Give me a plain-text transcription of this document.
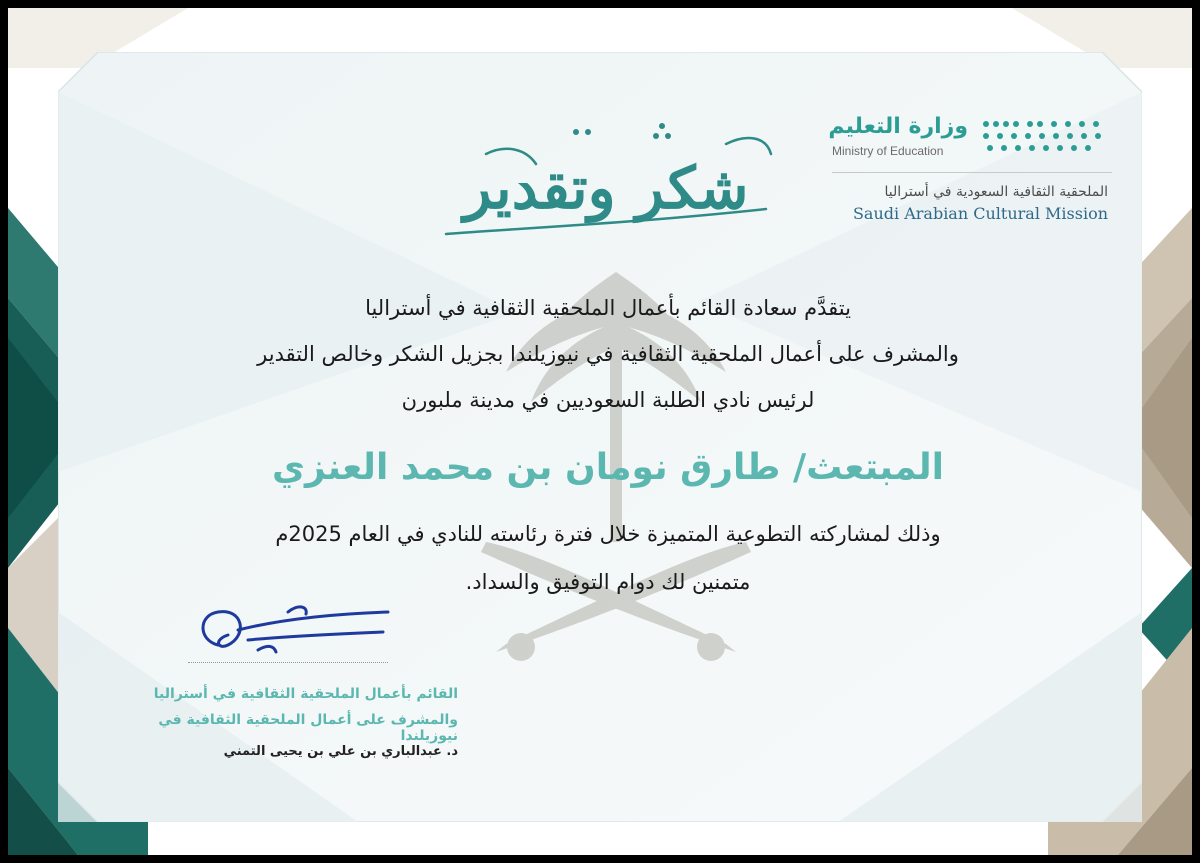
شكر وتقدير
وزارة التعليم
Ministry of Education
الملحقية الثقافية السعودية في أستراليا
Saudi Arabian Cultural Mission
يتقدَّم سعادة القائم بأعمال الملحقية الثقافية في أستراليا
والمشرف على أعمال الملحقية الثقافية في نيوزيلندا بجزيل الشكر وخالص التقدير
لرئيس نادي الطلبة السعوديين في مدينة ملبورن
المبتعث/ طارق نومان بن محمد العنزي
وذلك لمشاركته التطوعية المتميزة خلال فترة رئاسته للنادي في العام 2025م
متمنين لك دوام التوفيق والسداد.
القائم بأعمال الملحقية الثقافية في أستراليا
والمشرف على أعمال الملحقية الثقافية في نيوزيلندا
د. عبدالباري بن علي بن يحيى التمني
